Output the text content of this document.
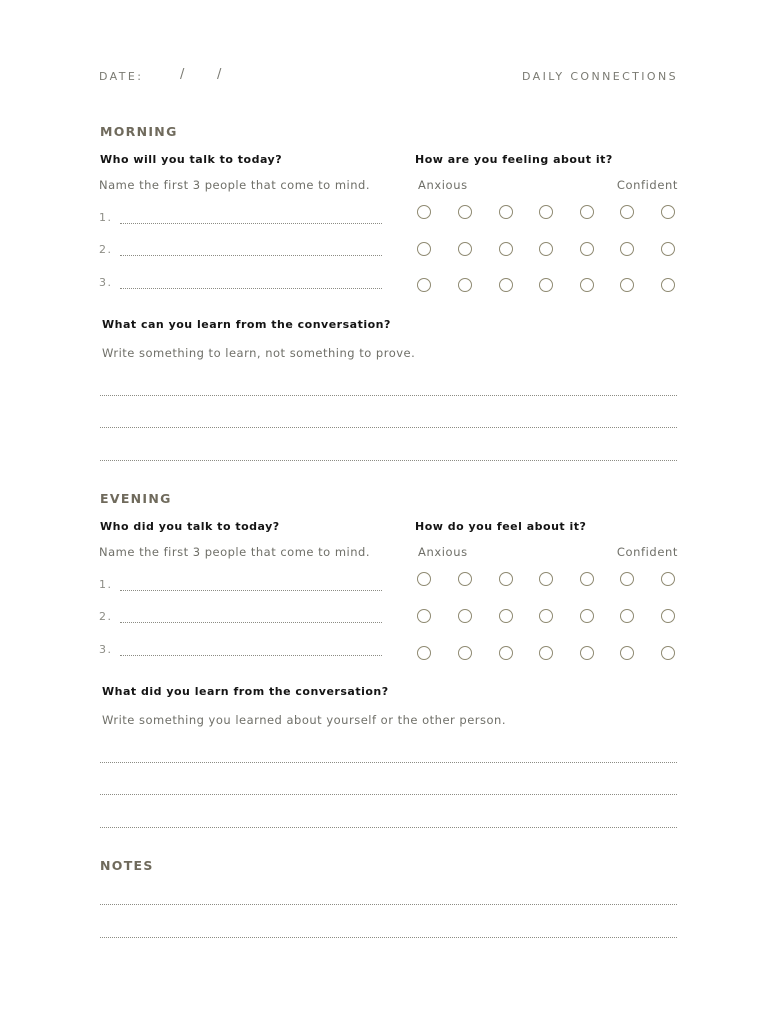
DATE:	/	/	DAILY CONNECTIONS
MORNING
Who will you talk to today?
Name the first 3 people that come to mind.
How are you feeling about it?
Anxious	Confident
1.
2.
3.
What can you learn from the conversation?
Write something to learn, not something to prove.
EVENING
Who did you talk to today?
Name the first 3 people that come to mind.
How do you feel about it?
Anxious	Confident
1.
2.
3.
What did you learn from the conversation?
Write something you learned about yourself or the other person.
NOTES
